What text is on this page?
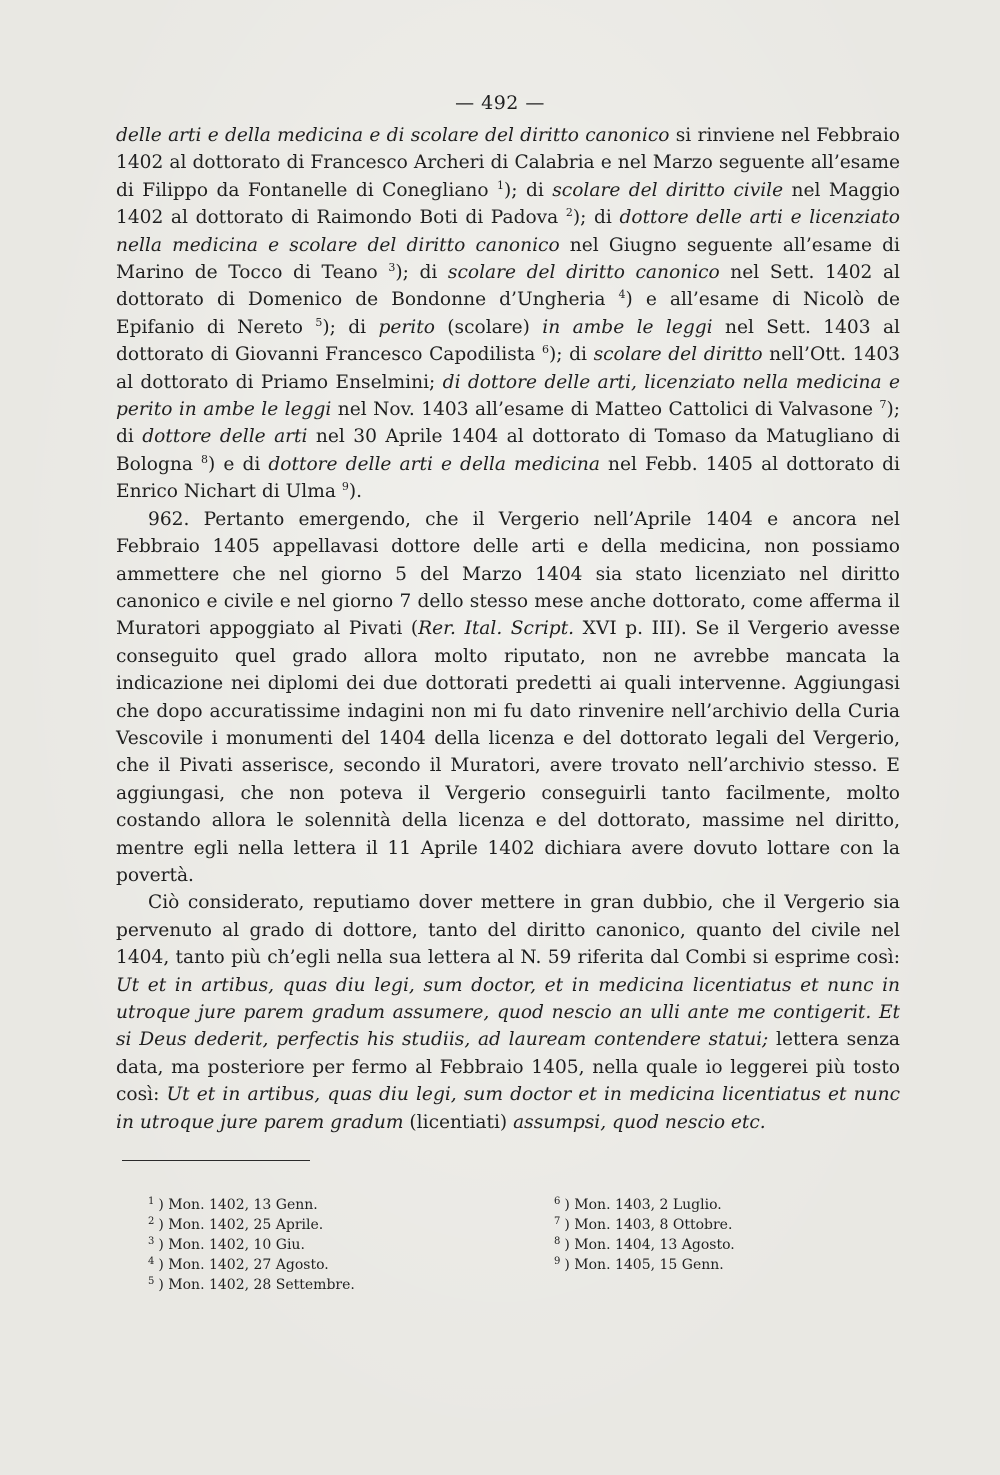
— 492 —

delle arti e della medicina e di scolare del diritto canonico si rinviene nel Febbraio 1402 al dottorato di Francesco Archeri di Calabria e nel Marzo seguente all’esame di Filippo da Fontanelle di Conegliano $^1$); di scolare del diritto civile nel Maggio 1402 al dottorato di Raimondo Boti di Padova $^2$); di dottore delle arti e licenziato nella medicina e scolare del diritto canonico nel Giugno seguente all’esame di Marino de Tocco di Teano $^3$); di scolare del diritto canonico nel Sett. 1402 al dottorato di Domenico de Bondonne d’Ungheria $^4$) e all’esame di Nicolò de Epifanio di Nereto $^5$); di perito (scolare) in ambe le leggi nel Sett. 1403 al dottorato di Giovanni Francesco Capodilista $^6$); di scolare del diritto nell’Ott. 1403 al dottorato di Priamo Enselmini; di dottore delle arti, licenziato nella medicina e perito in ambe le leggi nel Nov. 1403 all’esame di Matteo Cattolici di Valvasone $^7$); di dottore delle arti nel 30 Aprile 1404 al dottorato di Tomaso da Matugliano di Bologna $^8$) e di dottore delle arti e della medicina nel Febb. 1405 al dottorato di Enrico Nichart di Ulma $^9$).

962. Pertanto emergendo, che il Vergerio nell’Aprile 1404 e ancora nel Febbraio 1405 appellavasi dottore delle arti e della medicina, non possiamo ammettere che nel giorno 5 del Marzo 1404 sia stato licenziato nel diritto canonico e civile e nel giorno 7 dello stesso mese anche dottorato, come afferma il Muratori appoggiato al Pivati (Rer. Ital. Script. XVI p. III). Se il Vergerio avesse conseguito quel grado allora molto riputato, non ne avrebbe mancata la indicazione nei diplomi dei due dottorati predetti ai quali intervenne. Aggiungasi che dopo accuratissime indagini non mi fu dato rinvenire nell’archivio della Curia Vescovile i monumenti del 1404 della licenza e del dottorato legali del Vergerio, che il Pivati asserisce, secondo il Muratori, avere trovato nell’archivio stesso. E aggiungasi, che non poteva il Vergerio conseguirli tanto facilmente, molto costando allora le solennità della licenza e del dottorato, massime nel diritto, mentre egli nella lettera il 11 Aprile 1402 dichiara avere dovuto lottare con la povertà.

Ciò considerato, reputiamo dover mettere in gran dubbio, che il Vergerio sia pervenuto al grado di dottore, tanto del diritto canonico, quanto del civile nel 1404, tanto più ch’egli nella sua lettera al N. 59 riferita dal Combi si esprime così: Ut et in artibus, quas diu legi, sum doctor, et in medicina licentiatus et nunc in utroque jure parem gradum assumere, quod nescio an ulli ante me contigerit. Et si Deus dederit, perfectis his studiis, ad lauream contendere statui; lettera senza data, ma posteriore per fermo al Febbraio 1405, nella quale io leggerei più tosto così: Ut et in artibus, quas diu legi, sum doctor et in medicina licentiatus et nunc in utroque jure parem gradum (licentiati) assumpsi, quod nescio etc.

$^1$ ) Mon. 1402, 13 Genn.
$^2$ ) Mon. 1402, 25 Aprile.
$^3$ ) Mon. 1402, 10 Giu.
$^4$ ) Mon. 1402, 27 Agosto.
$^5$ ) Mon. 1402, 28 Settembre.
$^6$ ) Mon. 1403, 2 Luglio.
$^7$ ) Mon. 1403, 8 Ottobre.
$^8$ ) Mon. 1404, 13 Agosto.
$^9$ ) Mon. 1405, 15 Genn.
